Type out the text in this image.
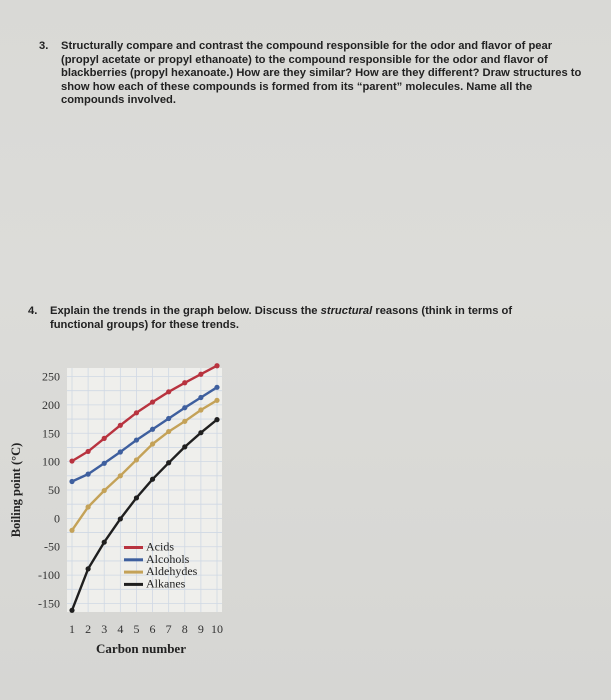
3. Structurally compare and contrast the compound responsible for the odor and flavor of pear (propyl acetate or propyl ethanoate) to the compound responsible for the odor and flavor of blackberries (propyl hexanoate.) How are they similar? How are they different? Draw structures to show how each of these compounds is formed from its “parent” molecules. Name all the compounds involved.
4. Explain the trends in the graph below. Discuss the structural reasons (think in terms of functional groups) for these trends.
250
200
150
100
50
0
-50
-100
-150
1 2 3 4 5 6 7 8 9 10
Acids
Alcohols
Aldehydes
Alkanes
Boiling point (°C)
Carbon number
